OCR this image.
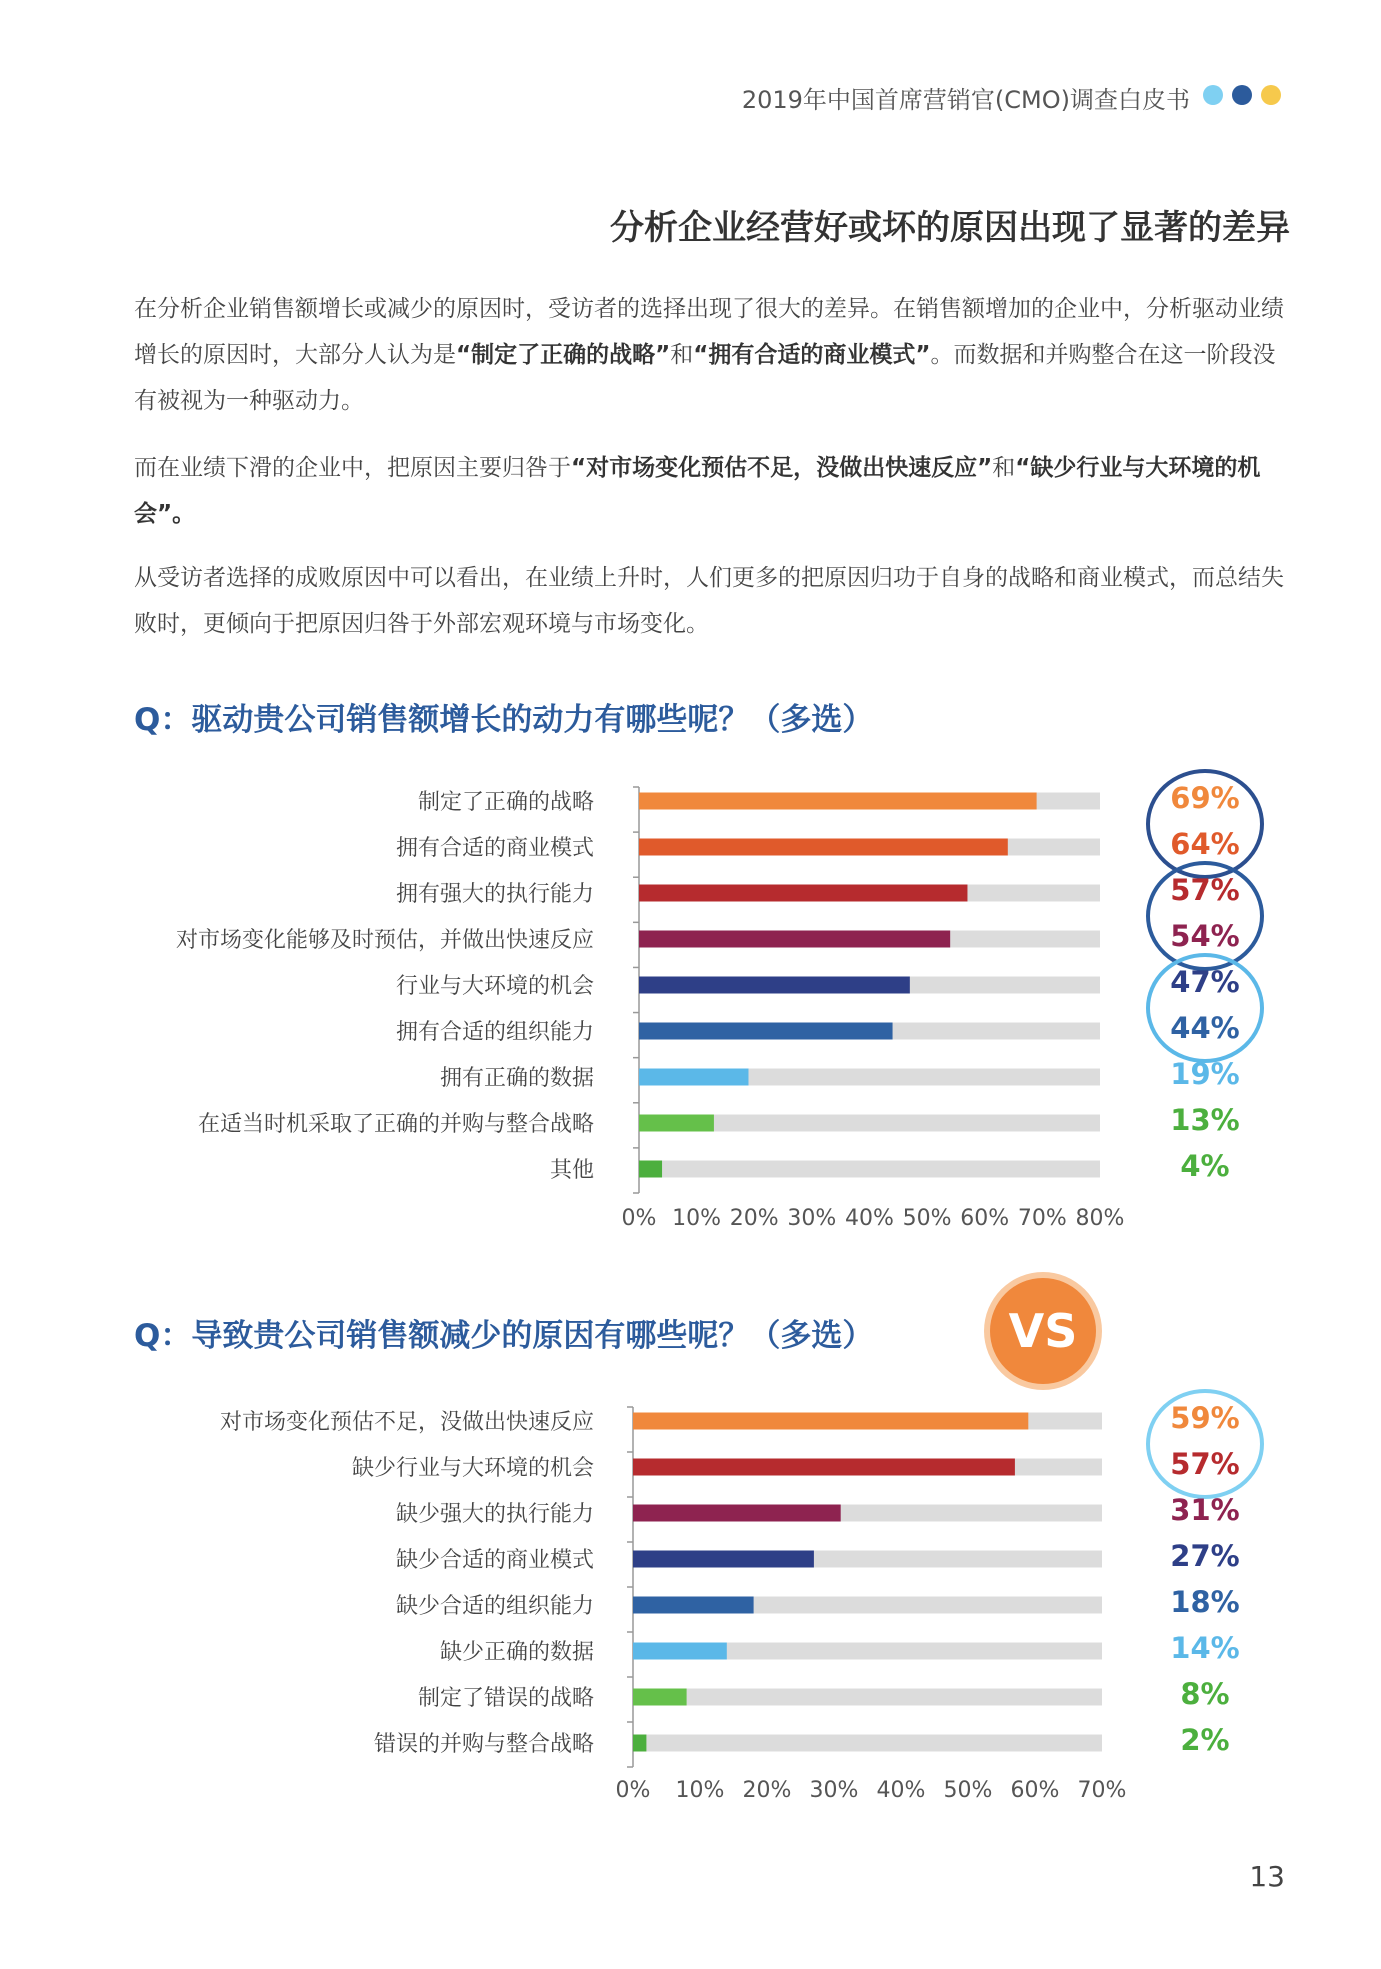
2019年中国首席营销官(CMO)调查白皮书
分析企业经营好或坏的原因出现了显著的差异
在分析企业销售额增长或减少的原因时，受访者的选择出现了很大的差异。在销售额增加的企业中，分析驱动业绩增长的原因时，大部分人认为是“制定了正确的战略”和“拥有合适的商业模式”。而数据和并购整合在这一阶段没有被视为一种驱动力。
而在业绩下滑的企业中，把原因主要归咎于“对市场变化预估不足，没做出快速反应”和“缺少行业与大环境的机会”。
从受访者选择的成败原因中可以看出，在业绩上升时，人们更多的把原因归功于自身的战略和商业模式，而总结失败时，更倾向于把原因归咎于外部宏观环境与市场变化。
Q：驱动贵公司销售额增长的动力有哪些呢？（多选）
Q：导致贵公司销售额减少的原因有哪些呢？（多选）	VS
制定了正确的战略	69%
拥有合适的商业模式	64%
拥有强大的执行能力	57%
对市场变化能够及时预估，并做出快速反应	54%
行业与大环境的机会	47%
拥有合适的组织能力	44%
拥有正确的数据	19%
在适当时机采取了正确的并购与整合战略	13%
其他	4%
0% 10% 20% 30% 40% 50% 60% 70% 80%
对市场变化预估不足，没做出快速反应	59%
缺少行业与大环境的机会	57%
缺少强大的执行能力	31%
缺少合适的商业模式	27%
缺少合适的组织能力	18%
缺少正确的数据	14%
制定了错误的战略	8%
错误的并购与整合战略	2%
0%	10% 20% 30% 40% 50% 60% 70%
13
